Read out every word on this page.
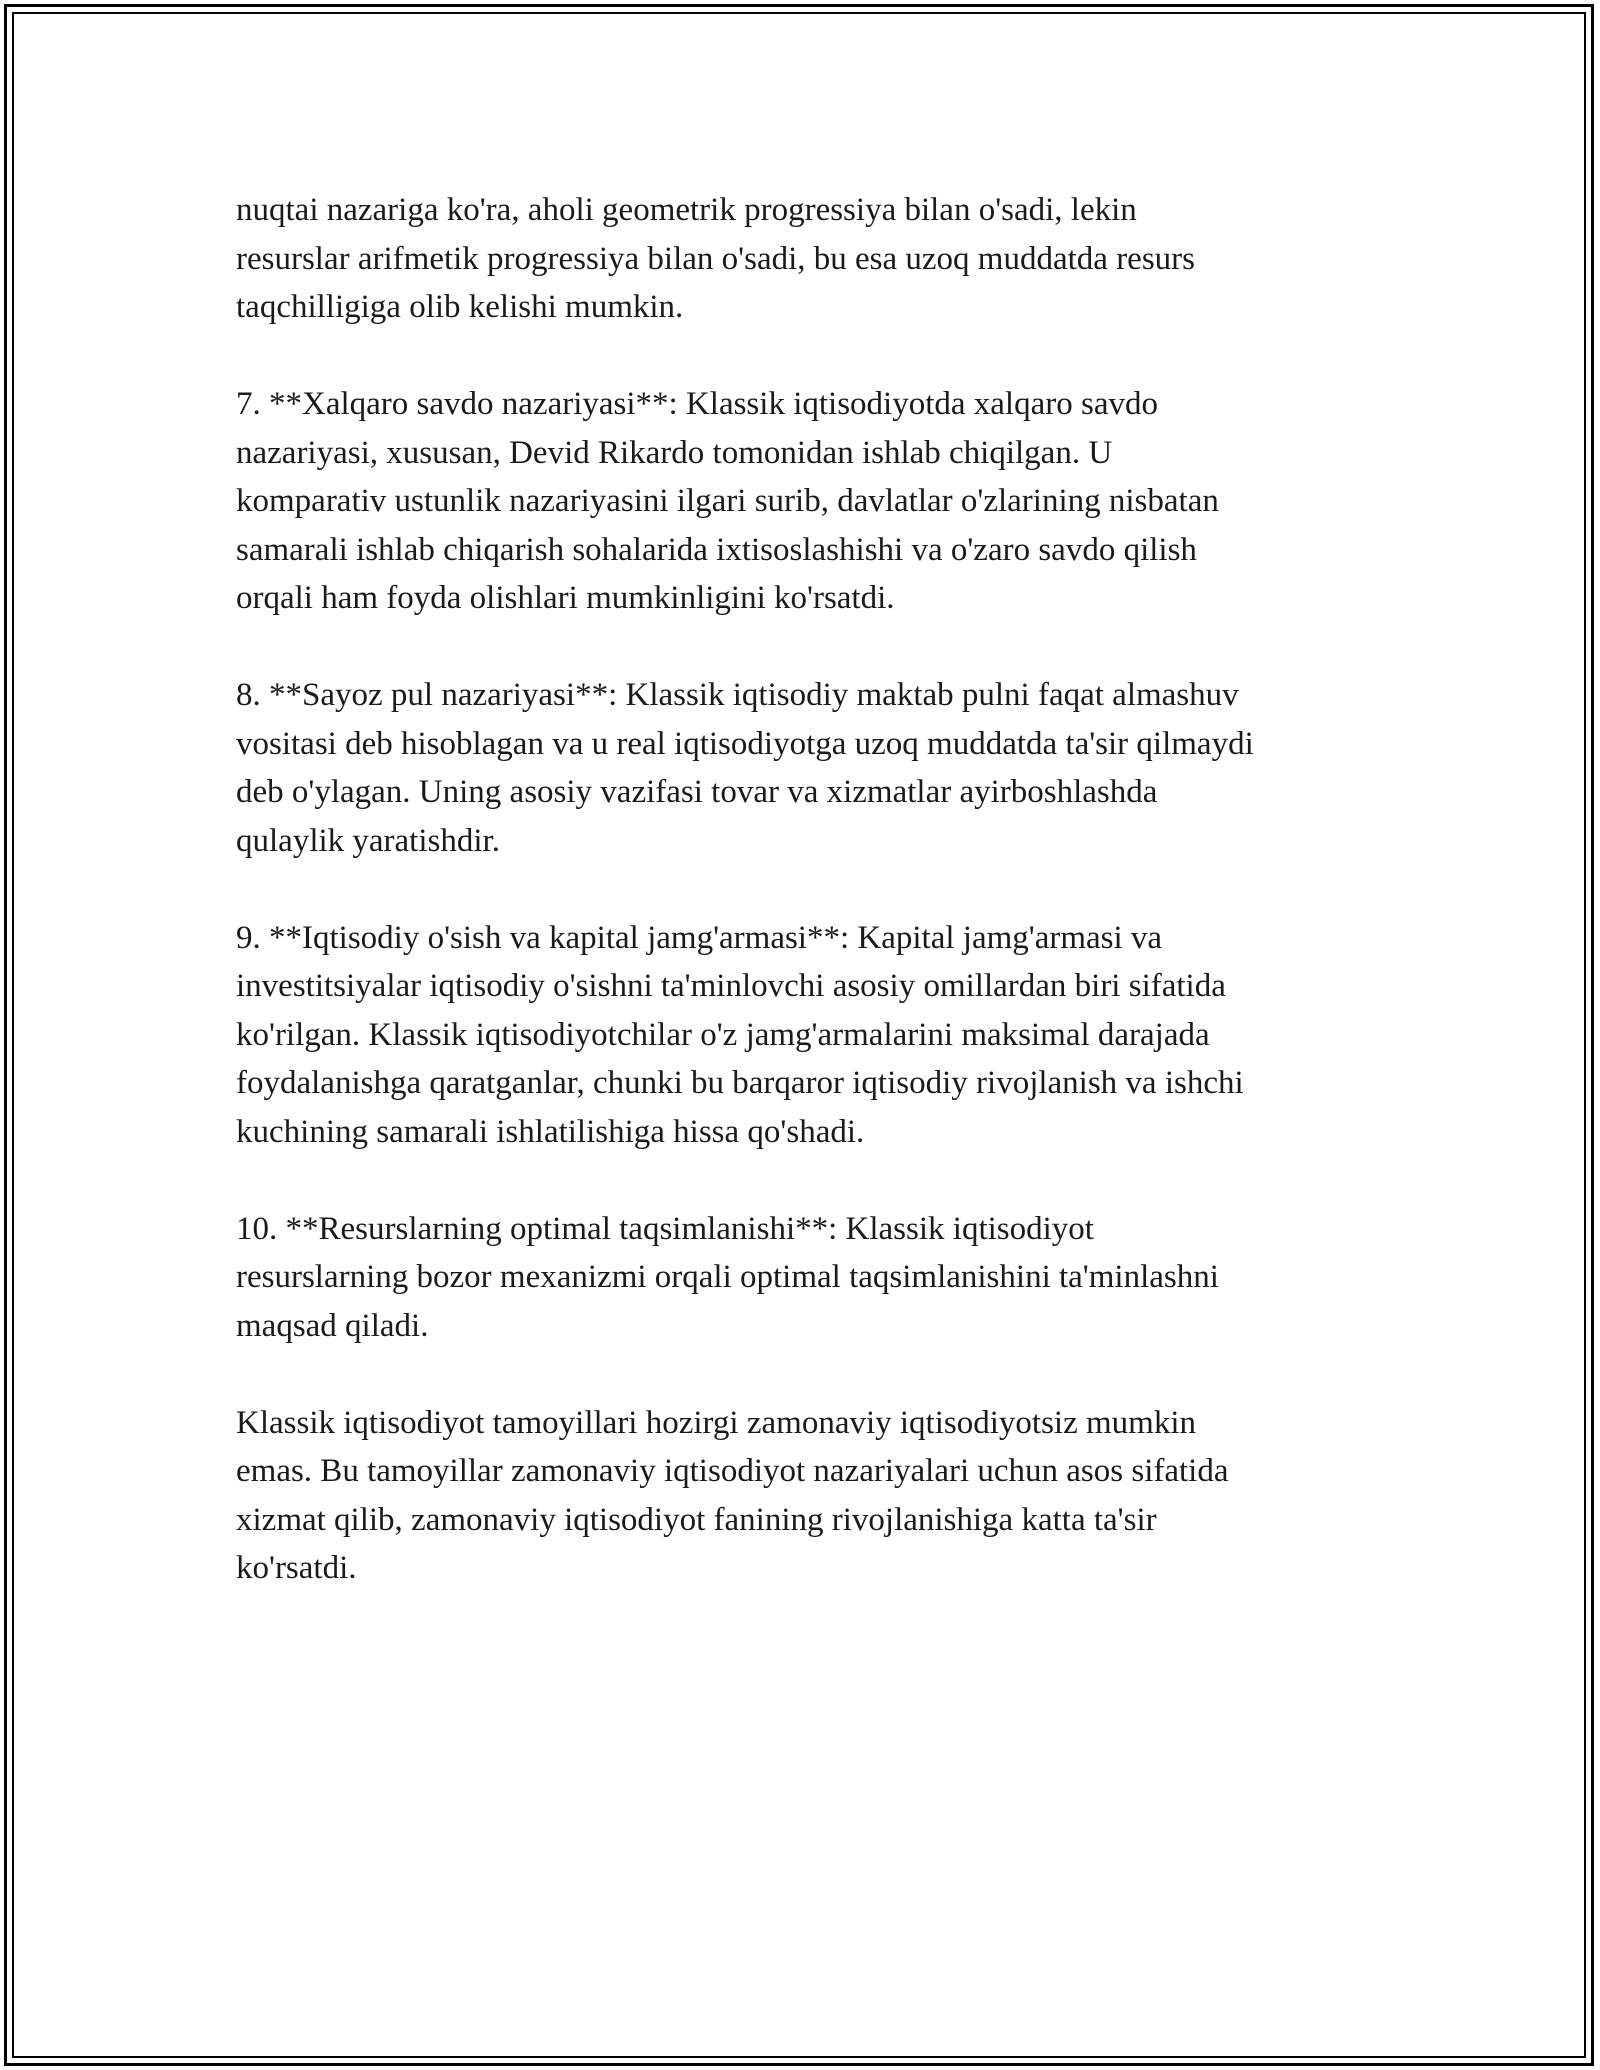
nuqtai nazariga ko'ra, aholi geometrik progressiya bilan o'sadi, lekin
resurslar arifmetik progressiya bilan o'sadi, bu esa uzoq muddatda resurs
taqchilligiga olib kelishi mumkin.

7. **Xalqaro savdo nazariyasi**: Klassik iqtisodiyotda xalqaro savdo
nazariyasi, xususan, Devid Rikardo tomonidan ishlab chiqilgan. U
komparativ ustunlik nazariyasini ilgari surib, davlatlar o'zlarining nisbatan
samarali ishlab chiqarish sohalarida ixtisoslashishi va o'zaro savdo qilish
orqali ham foyda olishlari mumkinligini ko'rsatdi.

8. **Sayoz pul nazariyasi**: Klassik iqtisodiy maktab pulni faqat almashuv
vositasi deb hisoblagan va u real iqtisodiyotga uzoq muddatda ta'sir qilmaydi
deb o'ylagan. Uning asosiy vazifasi tovar va xizmatlar ayirboshlashda
qulaylik yaratishdir.

9. **Iqtisodiy o'sish va kapital jamg'armasi**: Kapital jamg'armasi va
investitsiyalar iqtisodiy o'sishni ta'minlovchi asosiy omillardan biri sifatida
ko'rilgan. Klassik iqtisodiyotchilar o'z jamg'armalarini maksimal darajada
foydalanishga qaratganlar, chunki bu barqaror iqtisodiy rivojlanish va ishchi
kuchining samarali ishlatilishiga hissa qo'shadi.

10. **Resurslarning optimal taqsimlanishi**: Klassik iqtisodiyot
resurslarning bozor mexanizmi orqali optimal taqsimlanishini ta'minlashni
maqsad qiladi.

Klassik iqtisodiyot tamoyillari hozirgi zamonaviy iqtisodiyotsiz mumkin
emas. Bu tamoyillar zamonaviy iqtisodiyot nazariyalari uchun asos sifatida
xizmat qilib, zamonaviy iqtisodiyot fanining rivojlanishiga katta ta'sir
ko'rsatdi.
